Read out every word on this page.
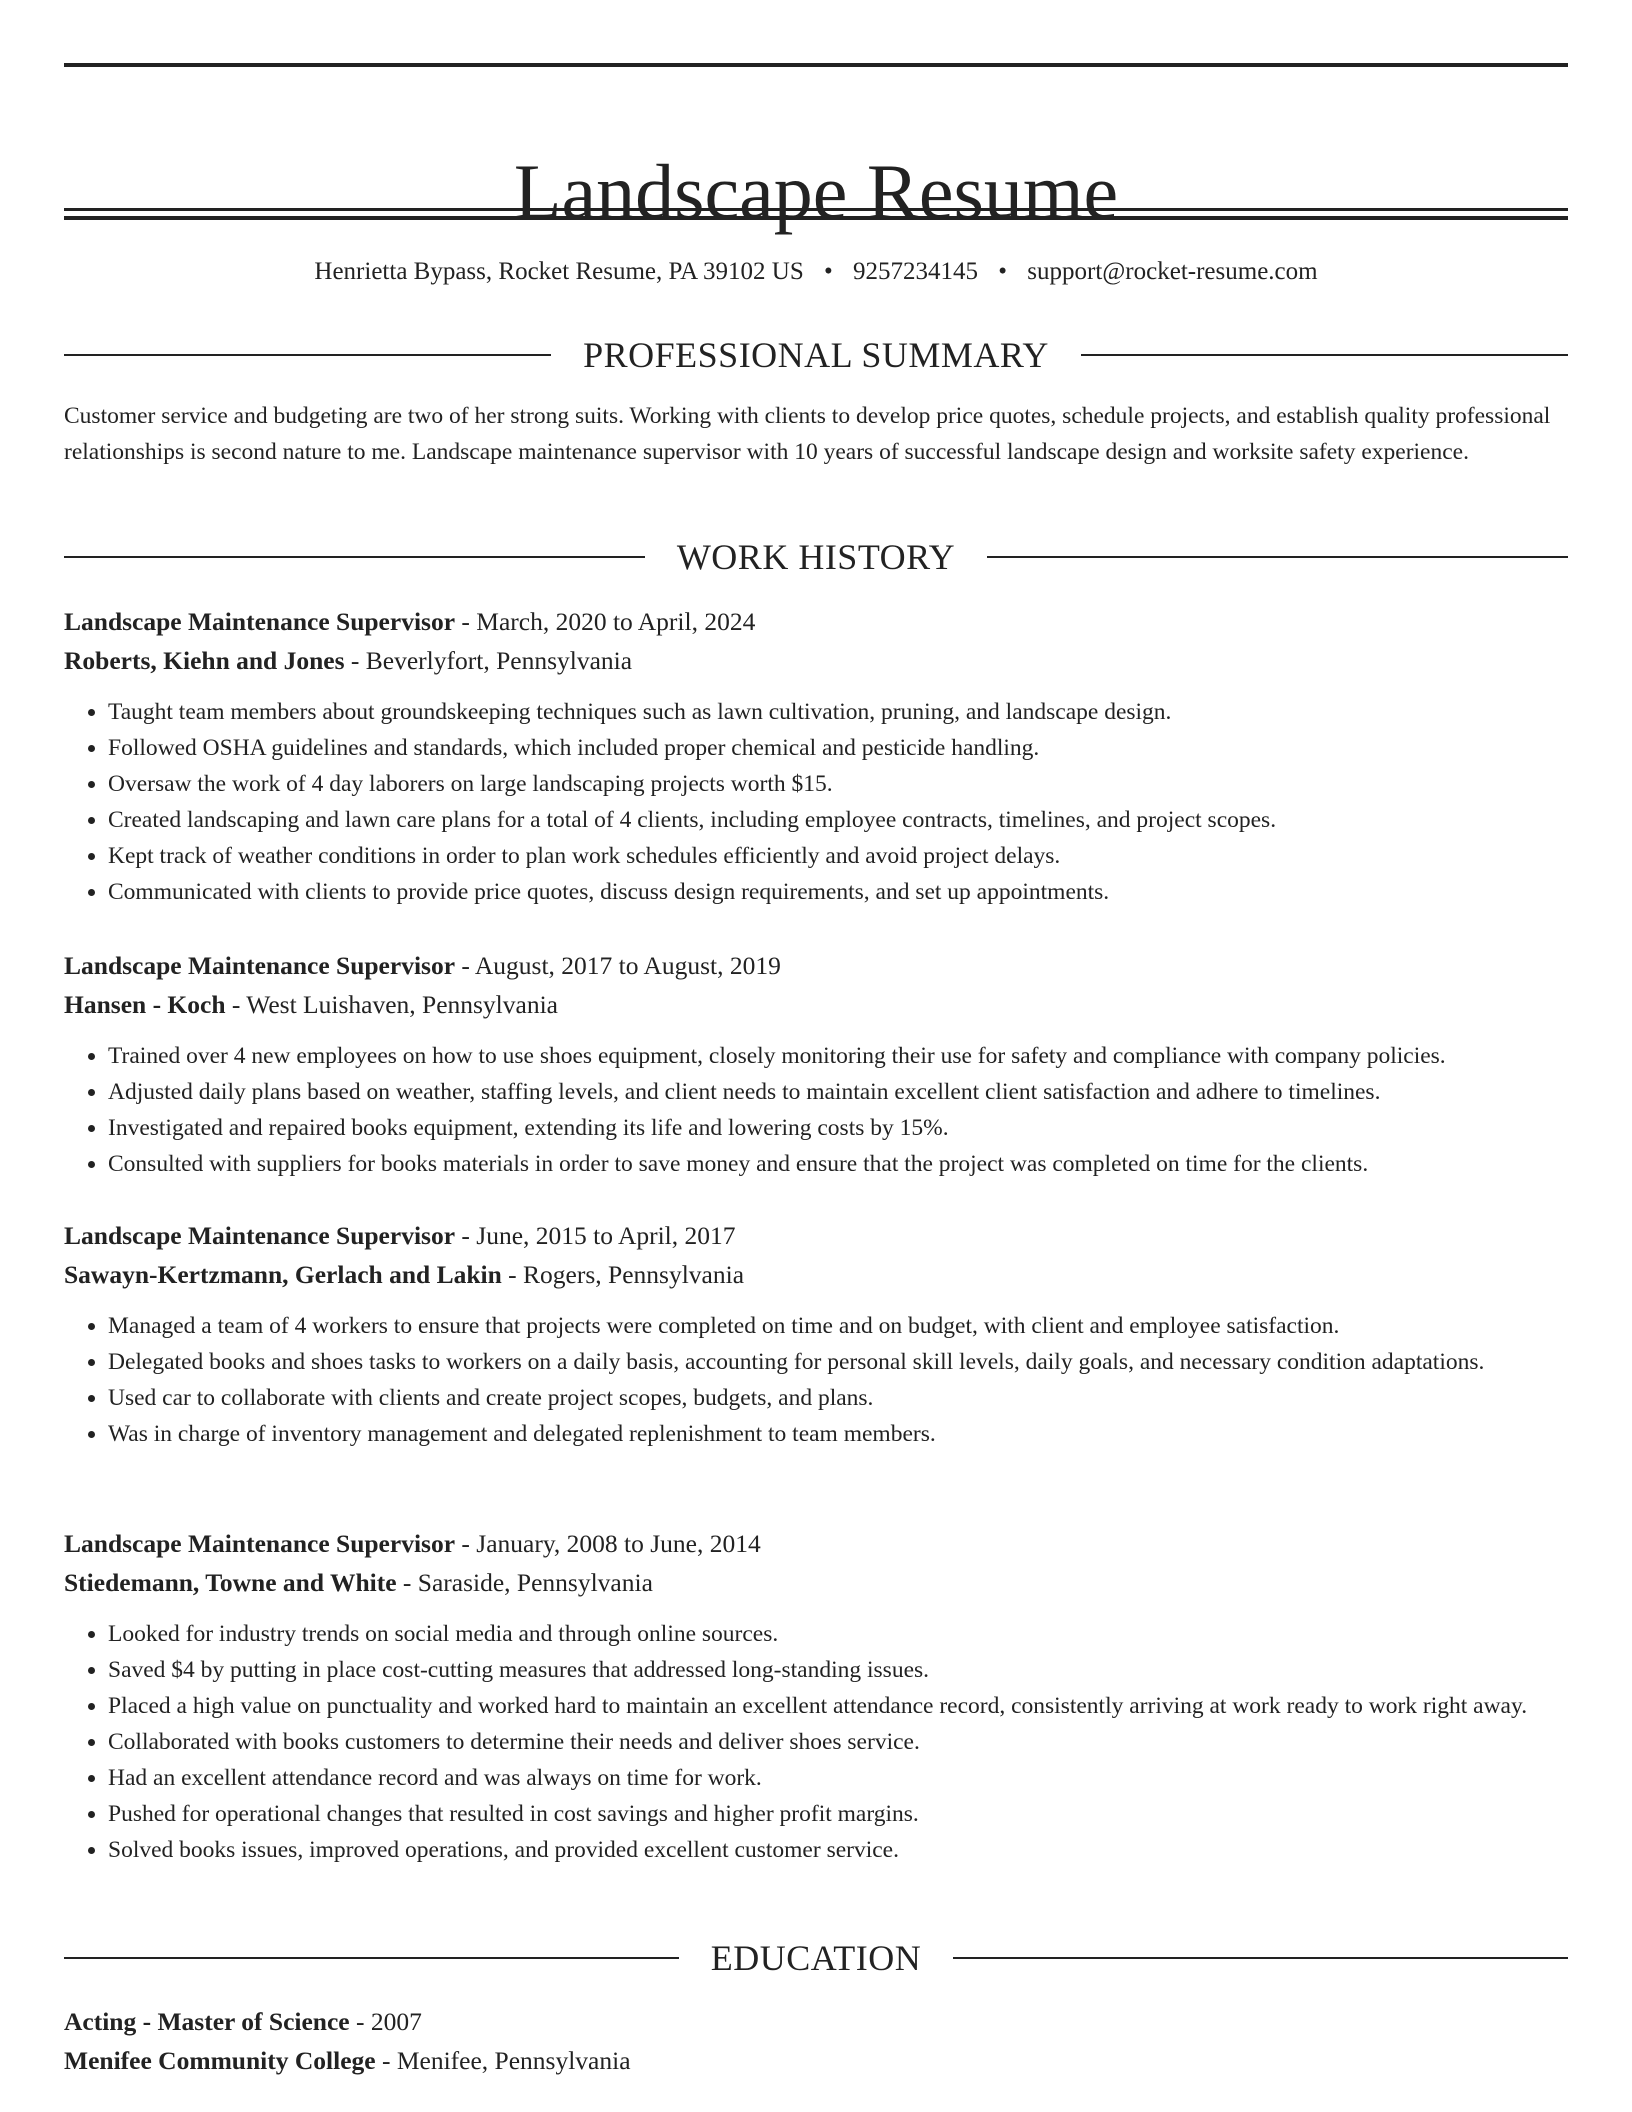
Landscape Resume
Henrietta Bypass, Rocket Resume, PA 39102 US • 9257234145 • support@rocket-resume.com
PROFESSIONAL SUMMARY

Customer service and budgeting are two of her strong suits. Working with clients to develop price quotes, schedule projects, and establish quality professional relationships is second nature to me. Landscape maintenance supervisor with 10 years of successful landscape design and worksite safety experience.

WORK HISTORY

Landscape Maintenance Supervisor - March, 2020 to April, 2024

Roberts, Kiehn and Jones - Beverlyfort, Pennsylvania

• Taught team members about groundskeeping techniques such as lawn cultivation, pruning, and landscape design.
• Followed OSHA guidelines and standards, which included proper chemical and pesticide handling.
• Oversaw the work of 4 day laborers on large landscaping projects worth $15.
• Created landscaping and lawn care plans for a total of 4 clients, including employee contracts, timelines, and project scopes.
• Kept track of weather conditions in order to plan work schedules efficiently and avoid project delays.
• Communicated with clients to provide price quotes, discuss design requirements, and set up appointments.

Landscape Maintenance Supervisor - August, 2017 to August, 2019

Hansen - Koch - West Luishaven, Pennsylvania

• Trained over 4 new employees on how to use shoes equipment, closely monitoring their use for safety and compliance with company policies.
• Adjusted daily plans based on weather, staffing levels, and client needs to maintain excellent client satisfaction and adhere to timelines.
• Investigated and repaired books equipment, extending its life and lowering costs by 15%.
• Consulted with suppliers for books materials in order to save money and ensure that the project was completed on time for the clients.

Landscape Maintenance Supervisor - June, 2015 to April, 2017

Sawayn-Kertzmann, Gerlach and Lakin - Rogers, Pennsylvania

• Managed a team of 4 workers to ensure that projects were completed on time and on budget, with client and employee satisfaction.
• Delegated books and shoes tasks to workers on a daily basis, accounting for personal skill levels, daily goals, and necessary condition adaptations.
• Used car to collaborate with clients and create project scopes, budgets, and plans.
• Was in charge of inventory management and delegated replenishment to team members.

Landscape Maintenance Supervisor - January, 2008 to June, 2014

Stiedemann, Towne and White - Saraside, Pennsylvania

• Looked for industry trends on social media and through online sources.
• Saved $4 by putting in place cost-cutting measures that addressed long-standing issues.
• Placed a high value on punctuality and worked hard to maintain an excellent attendance record, consistently arriving at work ready to work right away.
• Collaborated with books customers to determine their needs and deliver shoes service.
• Had an excellent attendance record and was always on time for work.
• Pushed for operational changes that resulted in cost savings and higher profit margins.
• Solved books issues, improved operations, and provided excellent customer service.
EDUCATION

Acting - Master of Science - 2007

Menifee Community College - Menifee, Pennsylvania
